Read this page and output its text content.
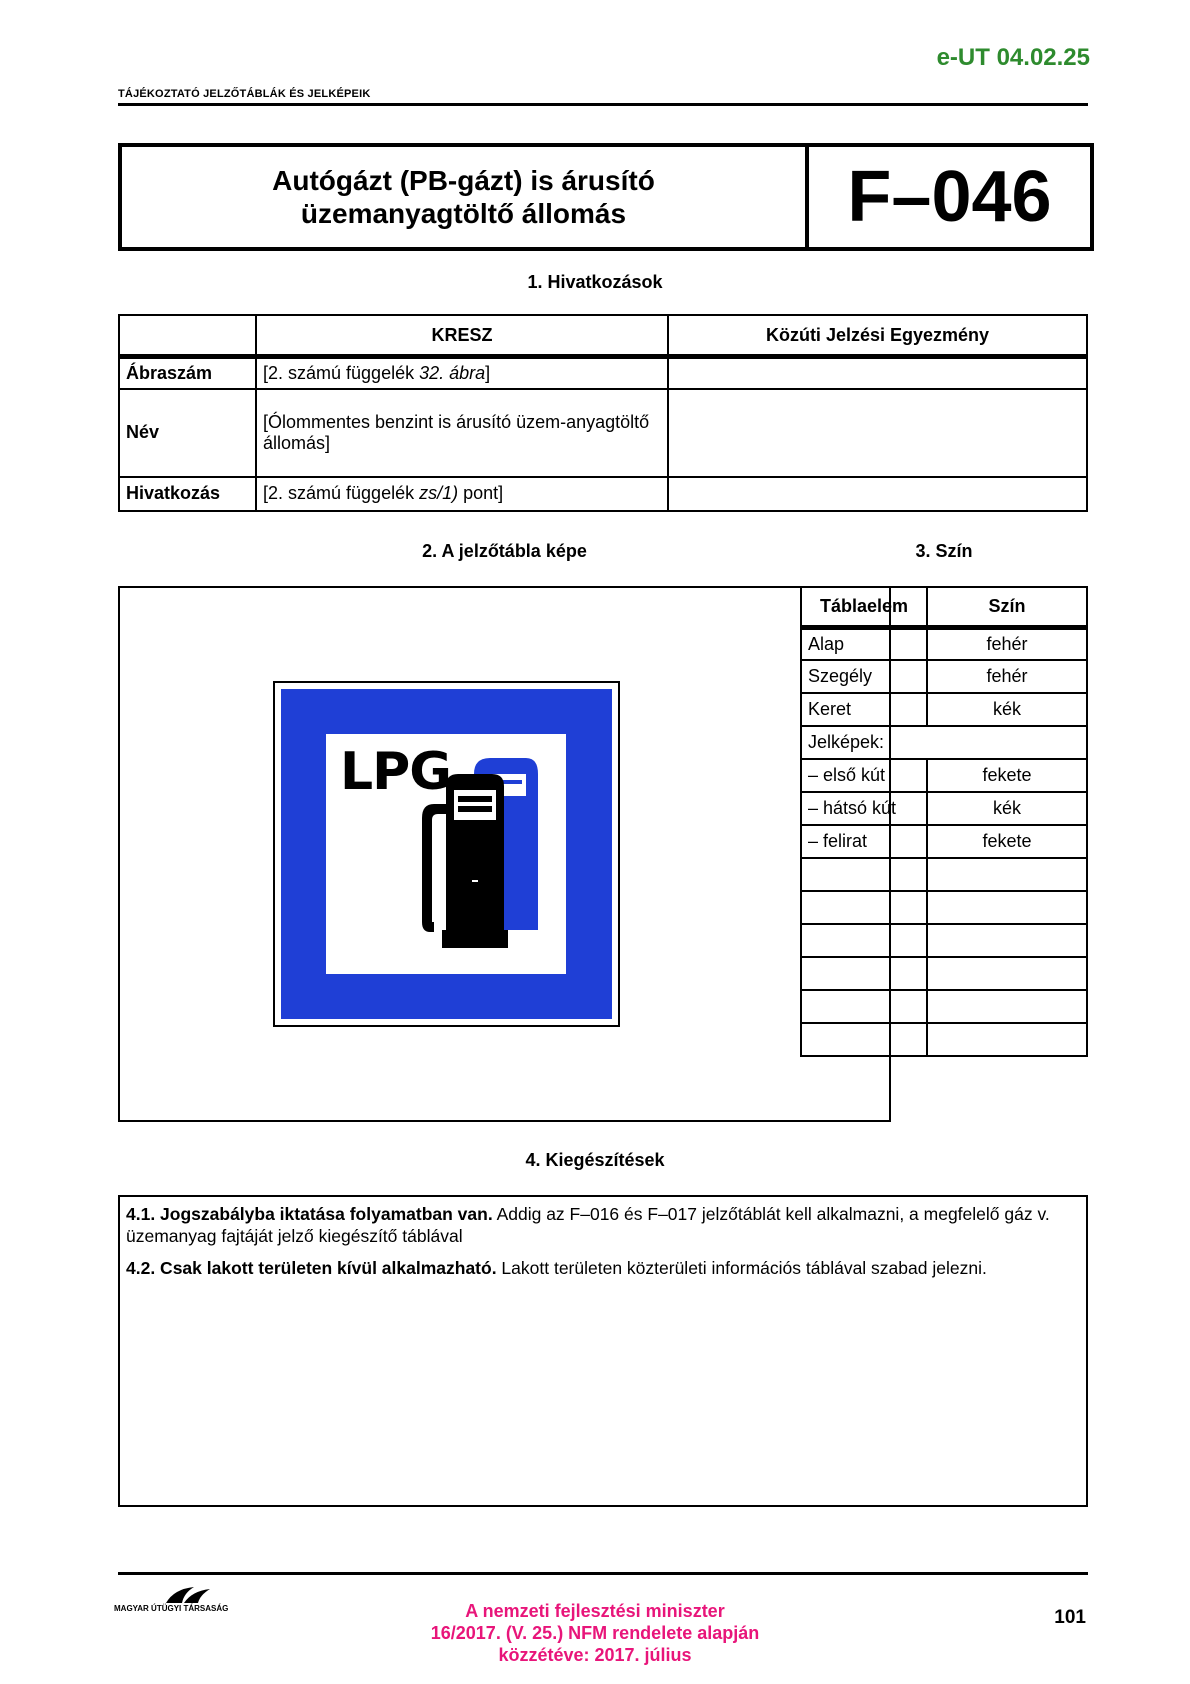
e-UT 04.02.25
TÁJÉKOZTATÓ JELZŐTÁBLÁK ÉS JELKÉPEIK
Autógázt (PB-gázt) is árusító
üzemanyagtöltő állomás	F–046
1. Hivatkozások
	KRESZ	Közúti Jelzési Egyezmény
Ábraszám	[2. számú függelék 32. ábra]	
Név	[Ólommentes benzint is árusító üzem-anyagtöltő állomás]	
Hivatkozás	[2. számú függelék zs/1) pont]	
2. A jelzőtábla képe	3. Szín
LPG
Táblaelem	Szín
Alap	fehér
Szegély	fehér
Keret	kék
Jelképek:	
– első kút	fekete
– hátsó kút	kék
– felirat	fekete

4. Kiegészítések

4.1. Jogszabályba iktatása folyamatban van. Addig az F–016 és F–017 jelzőtáblát kell alkalmazni, a megfelelő gáz v. üzemanyag fajtáját jelző kiegészítő táblával

4.2. Csak lakott területen kívül alkalmazható. Lakott területen közterületi információs táblával szabad jelezni.

MAGYAR ÚTÜGYI TÁRSASÁG	A nemzeti fejlesztési miniszter
16/2017. (V. 25.) NFM rendelete alapján
közzétéve: 2017. július
101
